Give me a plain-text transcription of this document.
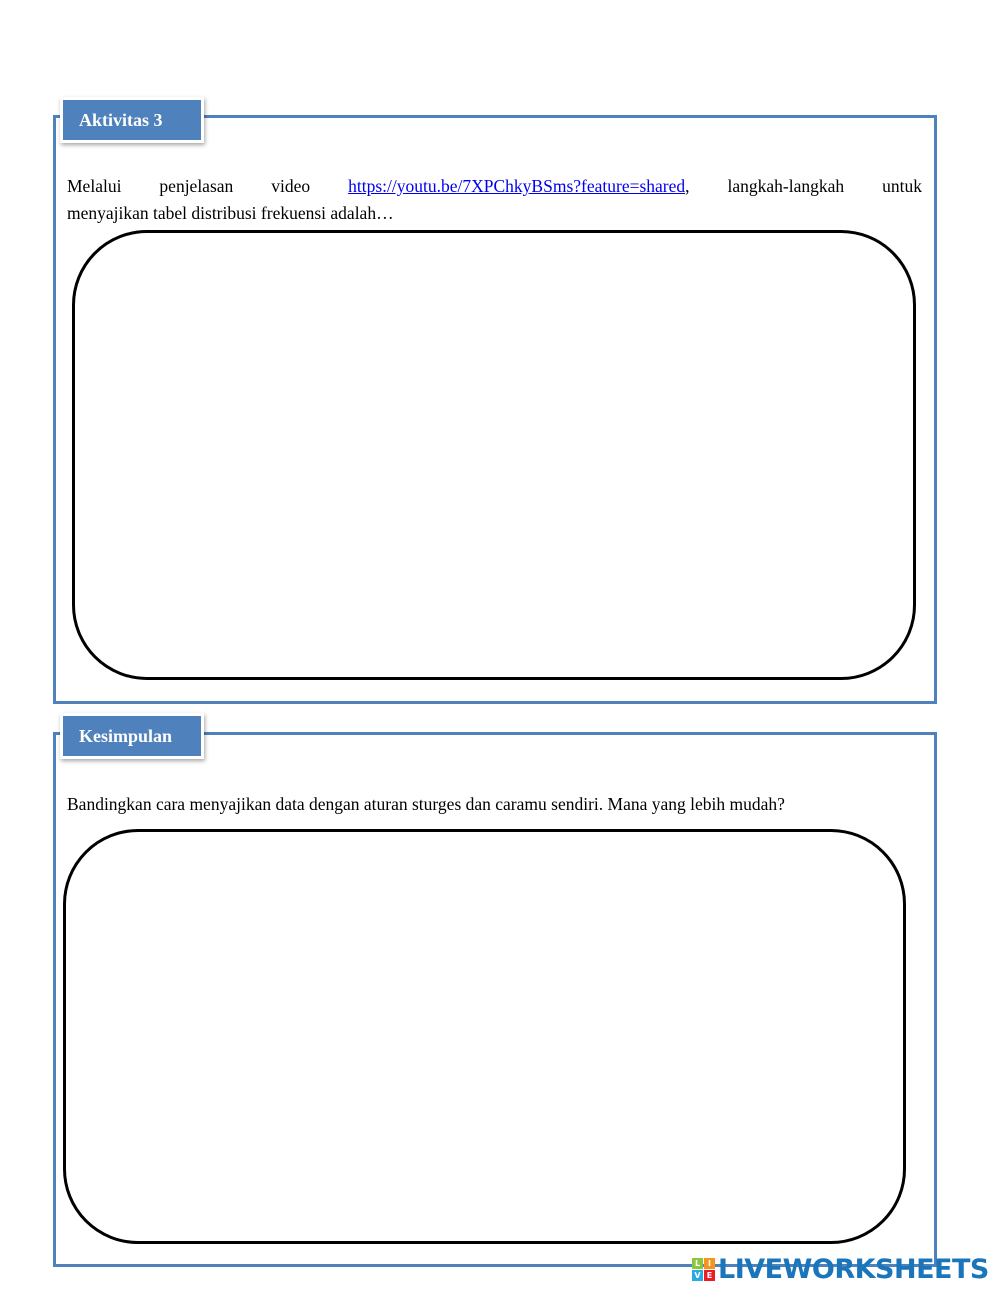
Aktivitas 3
Melalui penjelasan video https://youtu.be/7XPChkyBSms?feature=shared, langkah-langkah untuk
menyajikan tabel distribusi frekuensi adalah…
Kesimpulan
Bandingkan cara menyajikan data dengan aturan sturges dan caramu sendiri. Mana yang lebih mudah?
L I
V E LIVEWORKSHEETS
